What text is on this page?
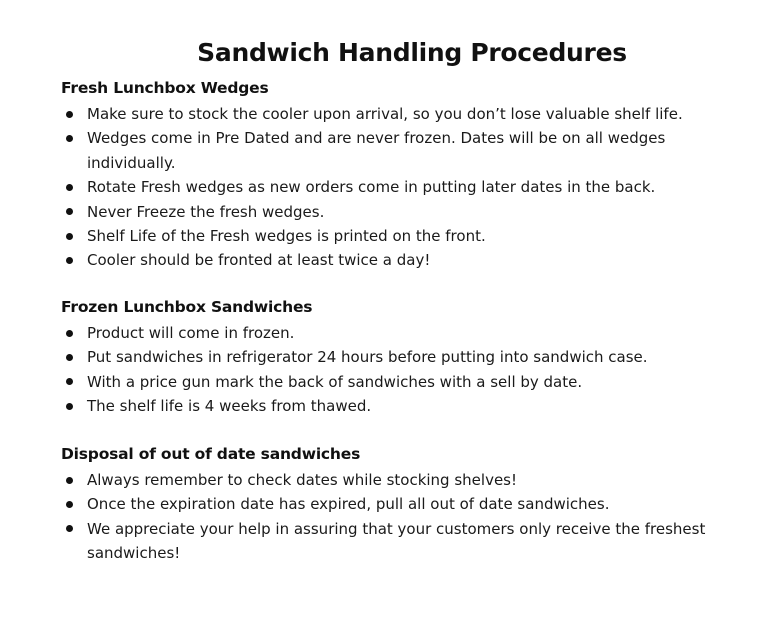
Sandwich Handling Procedures
Fresh Lunchbox Wedges
Make sure to stock the cooler upon arrival, so you don’t lose valuable shelf life.
Wedges come in Pre Dated and are never frozen. Dates will be on all wedges individually.
Rotate Fresh wedges as new orders come in putting later dates in the back.
Never Freeze the fresh wedges.
Shelf Life of the Fresh wedges is printed on the front.
Cooler should be fronted at least twice a day!
Frozen Lunchbox Sandwiches
Product will come in frozen.
Put sandwiches in refrigerator 24 hours before putting into sandwich case.
With a price gun mark the back of sandwiches with a sell by date.
The shelf life is 4 weeks from thawed.
Disposal of out of date sandwiches
Always remember to check dates while stocking shelves!
Once the expiration date has expired, pull all out of date sandwiches.
We appreciate your help in assuring that your customers only receive the freshest sandwiches!
